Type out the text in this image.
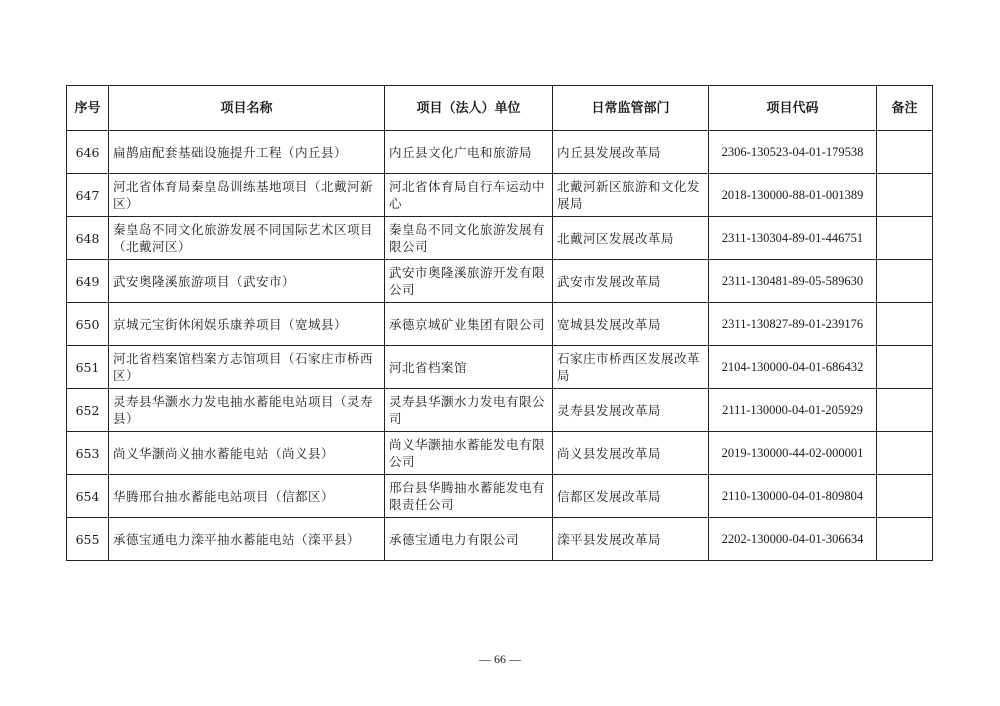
序号	项目名称	项目（法人）单位	日常监管部门	项目代码	备注
646	扁鹊庙配套基础设施提升工程（内丘县）	内丘县文化广电和旅游局	内丘县发展改革局	2306-130523-04-01-179538	
647	河北省体育局秦皇岛训练基地项目（北戴河新区）	河北省体育局自行车运动中心	北戴河新区旅游和文化发展局	2018-130000-88-01-001389	
648	秦皇岛不同文化旅游发展不同国际艺术区项目（北戴河区）	秦皇岛不同文化旅游发展有限公司	北戴河区发展改革局	2311-130304-89-01-446751	
649	武安奥隆溪旅游项目（武安市）	武安市奥隆溪旅游开发有限公司	武安市发展改革局	2311-130481-89-05-589630	
650	京城元宝街休闲娱乐康养项目（宽城县）	承德京城矿业集团有限公司	宽城县发展改革局	2311-130827-89-01-239176	
651	河北省档案馆档案方志馆项目（石家庄市桥西区）	河北省档案馆	石家庄市桥西区发展改革局	2104-130000-04-01-686432	
652	灵寿县华灏水力发电抽水蓄能电站项目（灵寿县）	灵寿县华灏水力发电有限公司	灵寿县发展改革局	2111-130000-04-01-205929	
653	尚义华灏尚义抽水蓄能电站（尚义县）	尚义华灏抽水蓄能发电有限公司	尚义县发展改革局	2019-130000-44-02-000001	
654	华腾邢台抽水蓄能电站项目（信都区）	邢台县华腾抽水蓄能发电有限责任公司	信都区发展改革局	2110-130000-04-01-809804	
655	承德宝通电力滦平抽水蓄能电站（滦平县）	承德宝通电力有限公司	滦平县发展改革局	2202-130000-04-01-306634	
— 66 —
